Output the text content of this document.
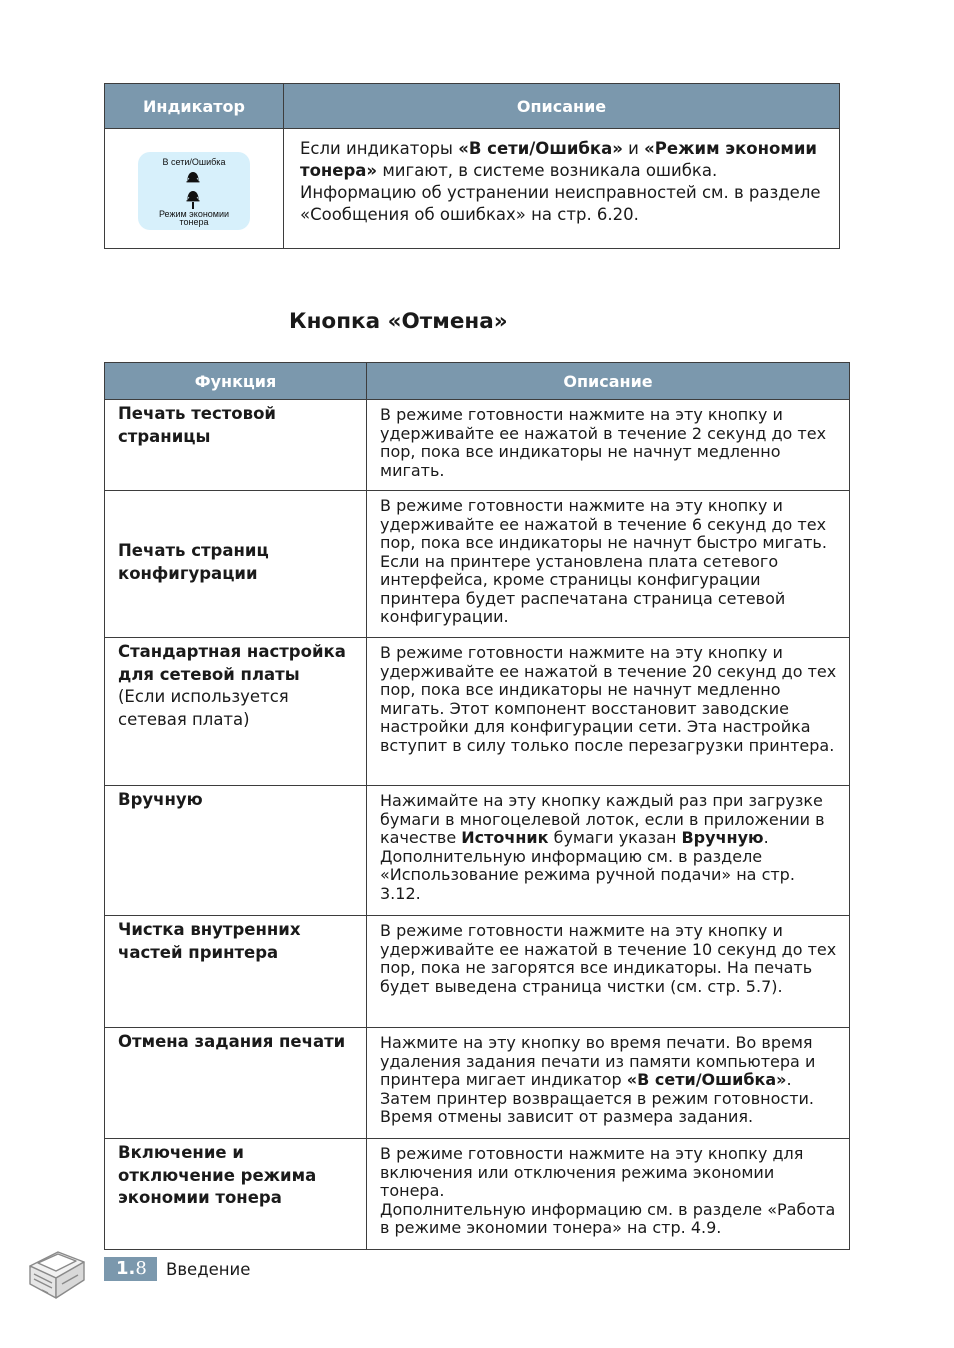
Индикатор	Описание

В сети/Ошибка
Режим экономии
тонера	Если индикаторы «В сети/Ошибка» и «Режим экономии тонера» мигают, в системе возникала ошибка. Информацию об устранении неисправностей см. в разделе «Сообщения об ошибках» на стр. 6.20.
Кнопка «Отмена»
Функция	Описание
Печать тестовой страницы	В режиме готовности нажмите на эту кнопку и удерживайте ее нажатой в течение 2 секунд до тех пор, пока все индикаторы не начнут медленно мигать.
Печать страниц конфигурации	В режиме готовности нажмите на эту кнопку и удерживайте ее нажатой в течение 6 секунд до тех пор, пока все индикаторы не начнут быстро мигать. Если на принтере установлена плата сетевого интерфейса, кроме страницы конфигурации принтера будет распечатана страница сетевой конфигурации.
Стандартная настройка для сетевой платы
(Если используется сетевая плата)	В режиме готовности нажмите на эту кнопку и удерживайте ее нажатой в течение 20 секунд до тех пор, пока все индикаторы не начнут медленно мигать. Этот компонент восстановит заводские настройки для конфигурации сети. Эта настройка вступит в силу только после перезагрузки принтера.
Вручную	Нажимайте на эту кнопку каждый раз при загрузке бумаги в многоцелевой лоток, если в приложении в качестве Источник бумаги указан Вручную. Дополнительную информацию см. в разделе «Использование режима ручной подачи» на стр. 3.12.
Чистка внутренних частей принтера	В режиме готовности нажмите на эту кнопку и удерживайте ее нажатой в течение 10 секунд до тех пор, пока не загорятся все индикаторы. На печать будет выведена страница чистки (см. стр. 5.7).
Отмена задания печати	Нажмите на эту кнопку во время печати. Во время удаления задания печати из памяти компьютера и принтера мигает индикатор «В сети/Ошибка». Затем принтер возвращается в режим готовности. Время отмены зависит от размера задания.
Включение и отключение режима экономии тонера	В режиме готовности нажмите на эту кнопку для включения или отключения режима экономии тонера.
Дополнительную информацию см. в разделе «Работа в режиме экономии тонера» на стр. 4.9.
1.8	Введение
